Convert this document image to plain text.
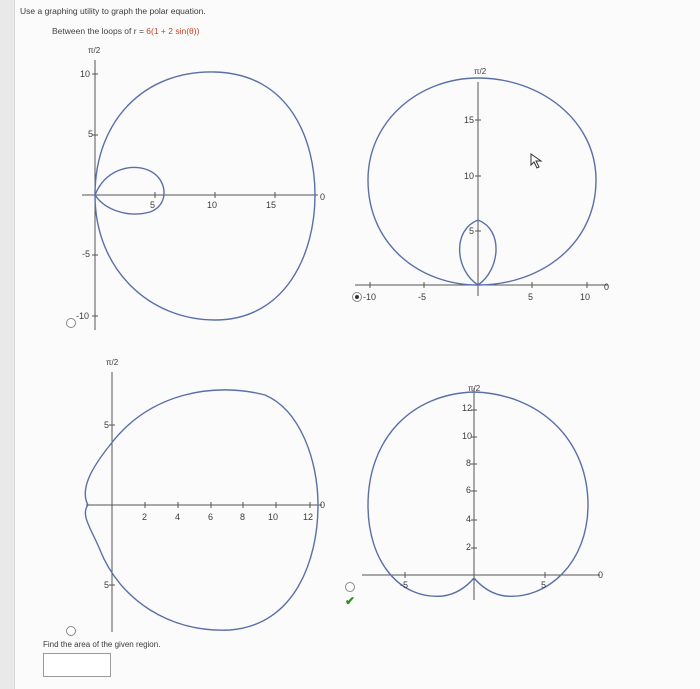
Use a graphing utility to graph the polar equation.
Between the loops of r = 6(1 + 2 sin(θ))
π/2
5	10	15
10
5
-5
-10
0
π/2
-10	-5	5	10
15
10
5
0
π/2
2	4	6	8	10	12
5
5
0
π/2
12
10
8
6
4
2
-5	5
0
✔
Find the area of the given region.
